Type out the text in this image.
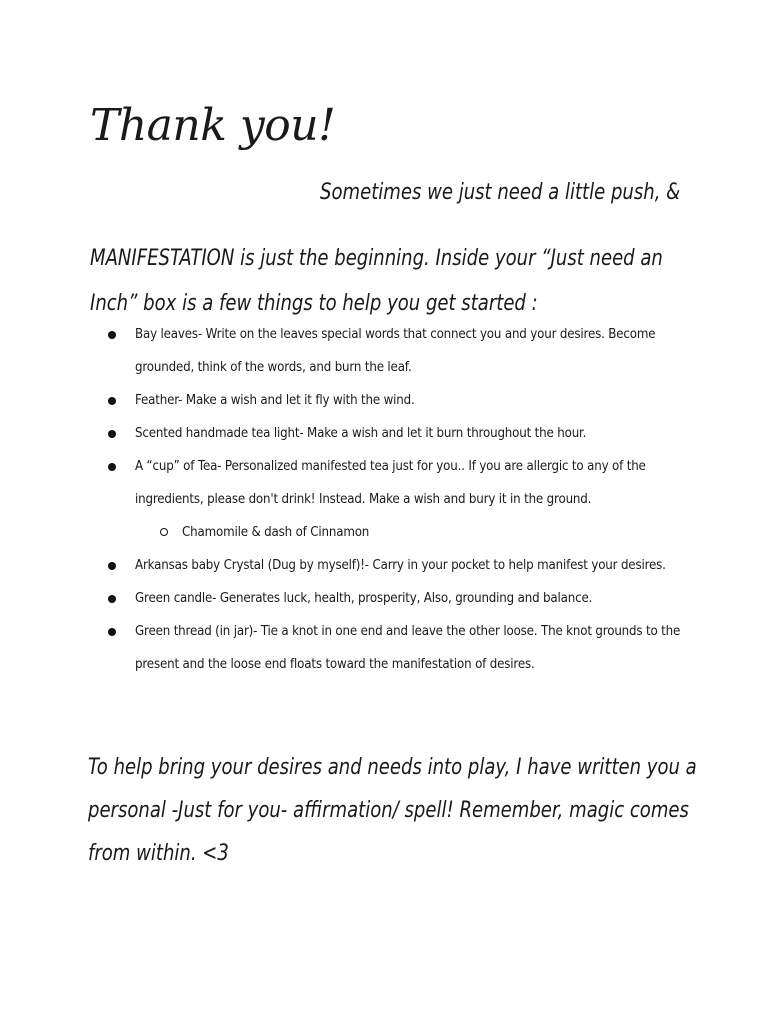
Thank you!
Sometimes we just need a little push, &

MANIFESTATION is just the beginning. Inside your “Just need an
Inch” box is a few things to help you get started :

Bay leaves- Write on the leaves special words that connect you and your desires. Become grounded, think of the words, and burn the leaf.
Feather- Make a wish and let it fly with the wind.
Scented handmade tea light- Make a wish and let it burn throughout the hour.
A “cup” of Tea- Personalized manifested tea just for you.. If you are allergic to any of the ingredients, please don't drink! Instead. Make a wish and bury it in the ground.
Chamomile & dash of Cinnamon
Arkansas baby Crystal (Dug by myself)!- Carry in your pocket to help manifest your desires.
Green candle- Generates luck, health, prosperity, Also, grounding and balance.
Green thread (in jar)- Tie a knot in one end and leave the other loose. The knot grounds to the present and the loose end floats toward the manifestation of desires.
To help bring your desires and needs into play, I have written you a
personal -Just for you- affirmation/ spell! Remember, magic comes
from within. <3
